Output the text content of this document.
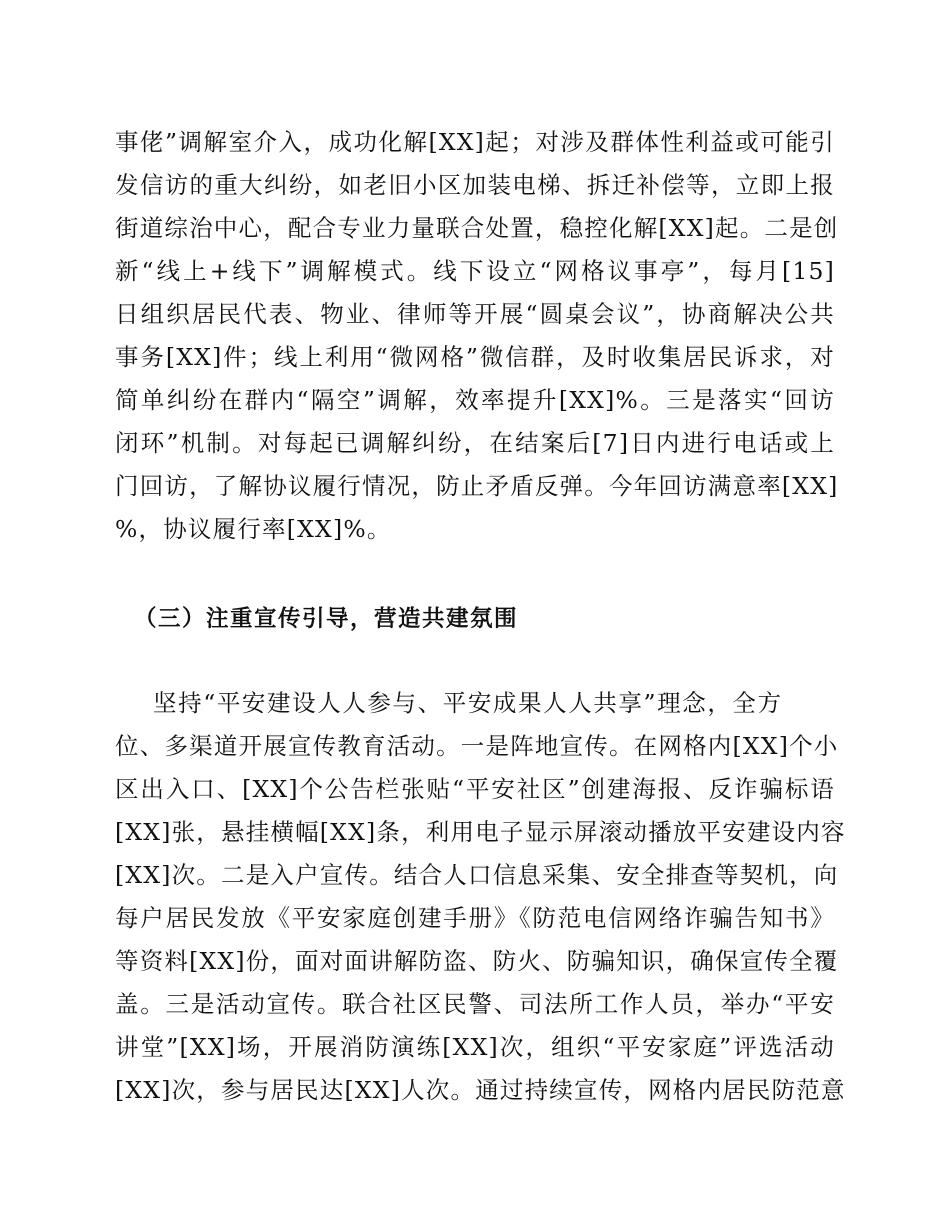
事佬”调解室介入，成功化解[XX]起；对涉及群体性利益或可能引
发信访的重大纠纷，如老旧小区加装电梯、拆迁补偿等，立即上报
街道综治中心，配合专业力量联合处置，稳控化解[XX]起。二是创
新“线上+线下”调解模式。线下设立“网格议事亭”，每月[15]
日组织居民代表、物业、律师等开展“圆桌会议”，协商解决公共
事务[XX]件；线上利用“微网格”微信群，及时收集居民诉求，对
简单纠纷在群内“隔空”调解，效率提升[XX]%。三是落实“回访
闭环”机制。对每起已调解纠纷，在结案后[7]日内进行电话或上
门回访，了解协议履行情况，防止矛盾反弹。今年回访满意率[XX]
%，协议履行率[XX]%。
（三）注重宣传引导，营造共建氛围
坚持“平安建设人人参与、平安成果人人共享”理念，全方
位、多渠道开展宣传教育活动。一是阵地宣传。在网格内[XX]个小
区出入口、[XX]个公告栏张贴“平安社区”创建海报、反诈骗标语
[XX]张，悬挂横幅[XX]条，利用电子显示屏滚动播放平安建设内容
[XX]次。二是入户宣传。结合人口信息采集、安全排查等契机，向
每户居民发放《平安家庭创建手册》《防范电信网络诈骗告知书》
等资料[XX]份，面对面讲解防盗、防火、防骗知识，确保宣传全覆
盖。三是活动宣传。联合社区民警、司法所工作人员，举办“平安
讲堂”[XX]场，开展消防演练[XX]次，组织“平安家庭”评选活动
[XX]次，参与居民达[XX]人次。通过持续宣传，网格内居民防范意
